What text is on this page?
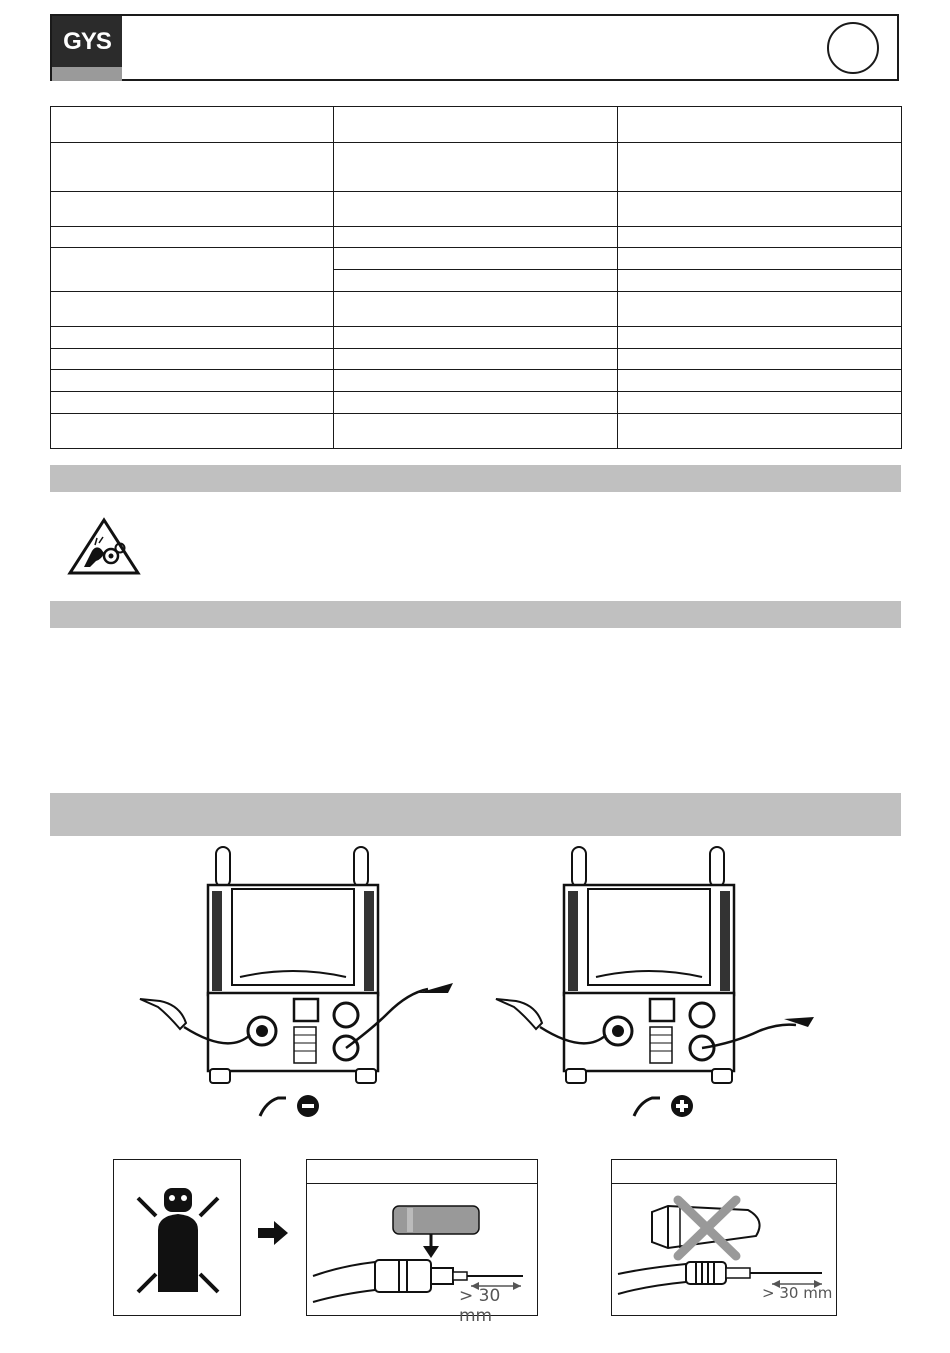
GYS

> 30 mm
> 30 mm
